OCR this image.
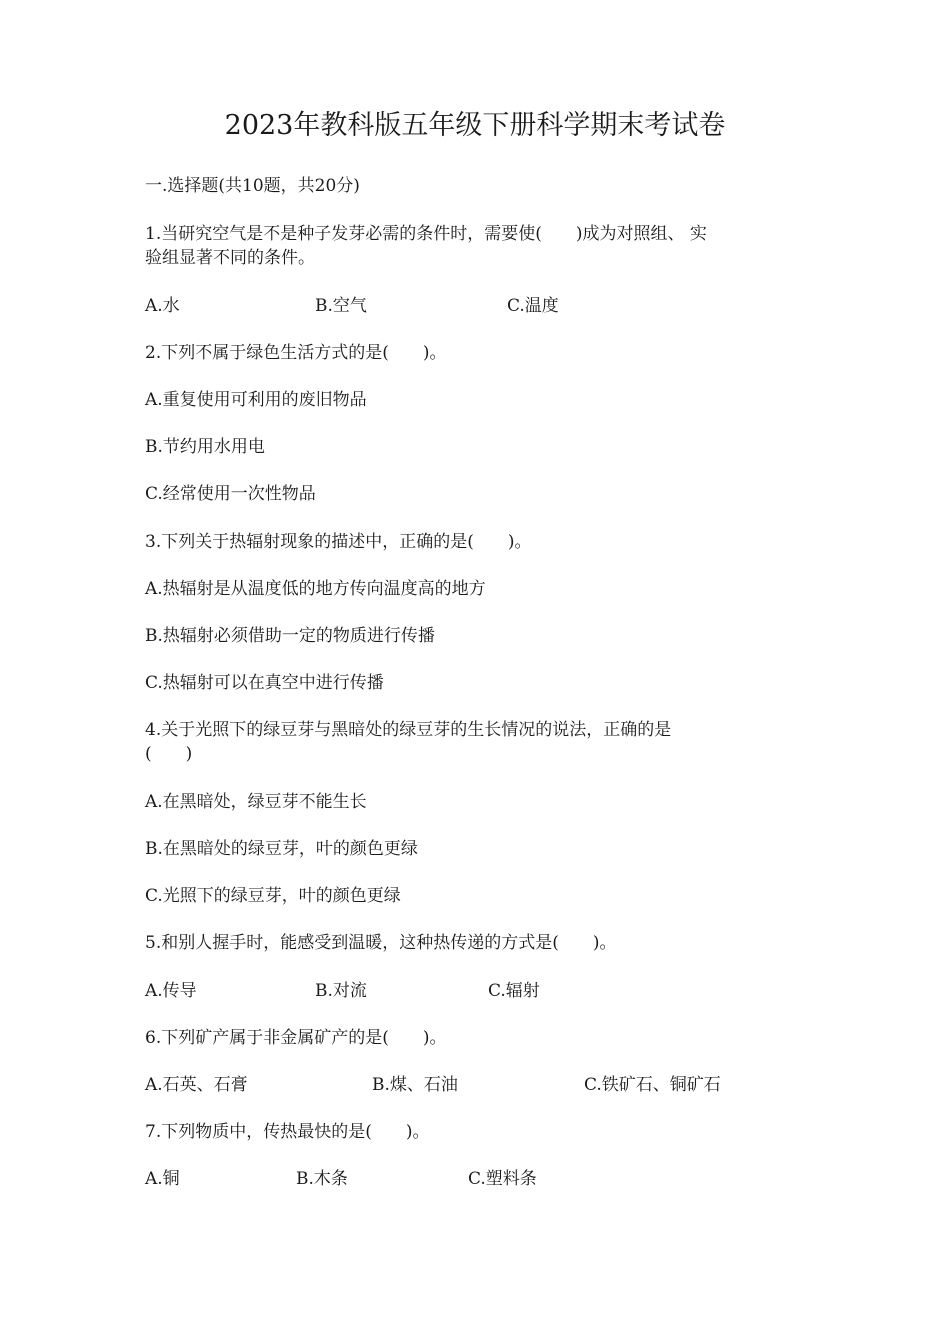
2023年教科版五年级下册科学期末考试卷
一.选择题(共10题，共20分)
1.当研究空气是不是种子发芽必需的条件时，需要使(　　)成为对照组、 实
验组显著不同的条件。
A.水	B.空气	C.温度
2.下列不属于绿色生活方式的是(　　)。
A.重复使用可利用的废旧物品
B.节约用水用电
C.经常使用一次性物品
3.下列关于热辐射现象的描述中，正确的是(　　)。
A.热辐射是从温度低的地方传向温度高的地方
B.热辐射必须借助一定的物质进行传播
C.热辐射可以在真空中进行传播
4.关于光照下的绿豆芽与黑暗处的绿豆芽的生长情况的说法，正确的是
(　　)
A.在黑暗处，绿豆芽不能生长
B.在黑暗处的绿豆芽，叶的颜色更绿
C.光照下的绿豆芽，叶的颜色更绿
5.和别人握手时，能感受到温暖，这种热传递的方式是(　　)。
A.传导	B.对流	C.辐射
6.下列矿产属于非金属矿产的是(　　)。
A.石英、石膏	B.煤、石油	C.铁矿石、铜矿石
7.下列物质中，传热最快的是(　　)。
A.铜	B.木条	C.塑料条
